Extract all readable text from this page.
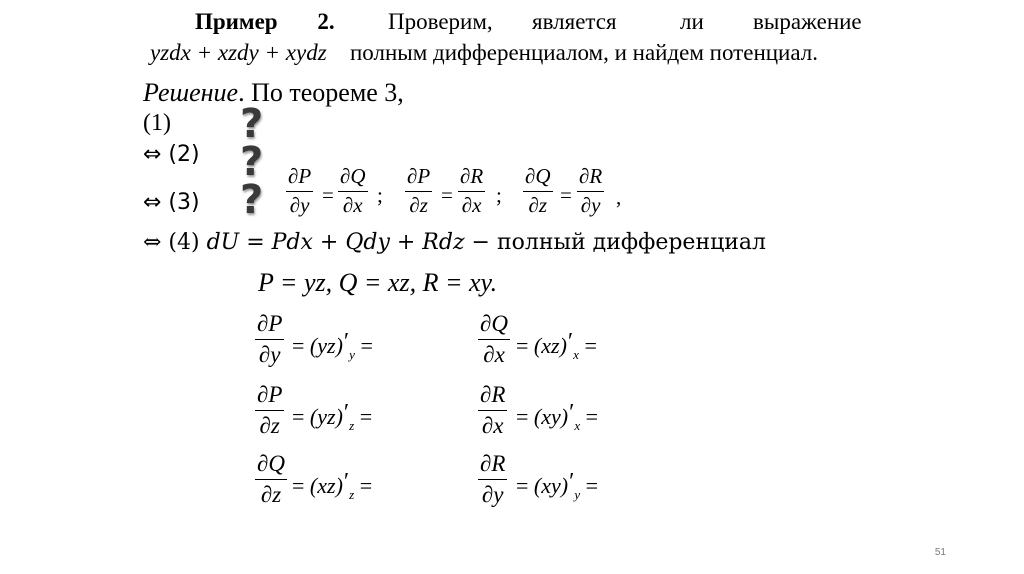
Пример 2. Проверим, является	ли выражение
yzdx + xzdy + xydz полным дифференциалом, и найдем потенциал.
Решение. По теореме 3,
(1)
⇔ (2)
⇔ (3)
⇔ (4) 𝑑𝑈 = 𝑃𝑑𝑥 + 𝑄𝑑𝑦 + 𝑅𝑑𝑧 − полный дифференциал
?
?
?
∂P
∂y =
∂Q
∂x ;
∂P
∂z =
∂R
∂x ;
∂Q
∂z =
∂R
∂y ,
P = yz, Q = xz, R = xy.
∂P
$\partial y = (yz)'_y$ =
∂Q
$\partial x = (xz)'_x$ =
∂P
$\partial z = (yz)'_z$ =
∂R
$\partial x = (xy)'_x$ =
∂Q
$\partial z = (xz)'_z$ =
∂R
$\partial y = (xy)'_y$ =
51
